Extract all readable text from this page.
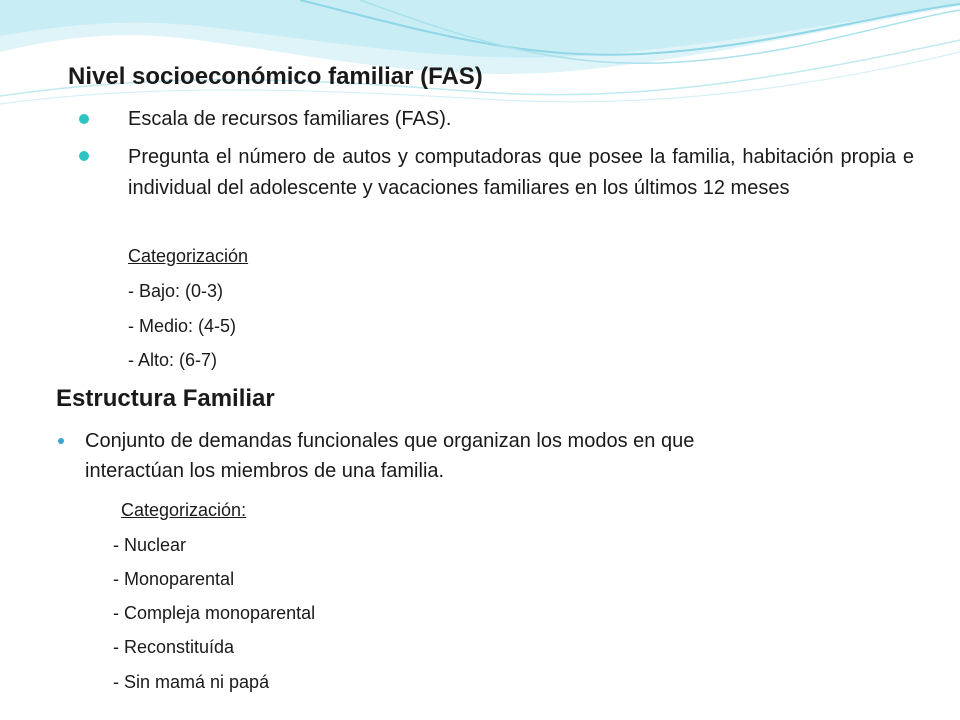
Nivel socioeconómico familiar (FAS)
Escala de recursos familiares (FAS).
Pregunta el número de autos y computadoras que posee la familia, habitación propia e individual del adolescente y vacaciones familiares en los últimos 12 meses
Categorización
- Bajo: (0-3)
- Medio: (4-5)
- Alto: (6-7)
Estructura Familiar
Conjunto de demandas funcionales que organizan los modos en que
interactúan los miembros de una familia.
Categorización:
- Nuclear
- Monoparental
- Compleja monoparental
- Reconstituída
- Sin mamá ni papá
